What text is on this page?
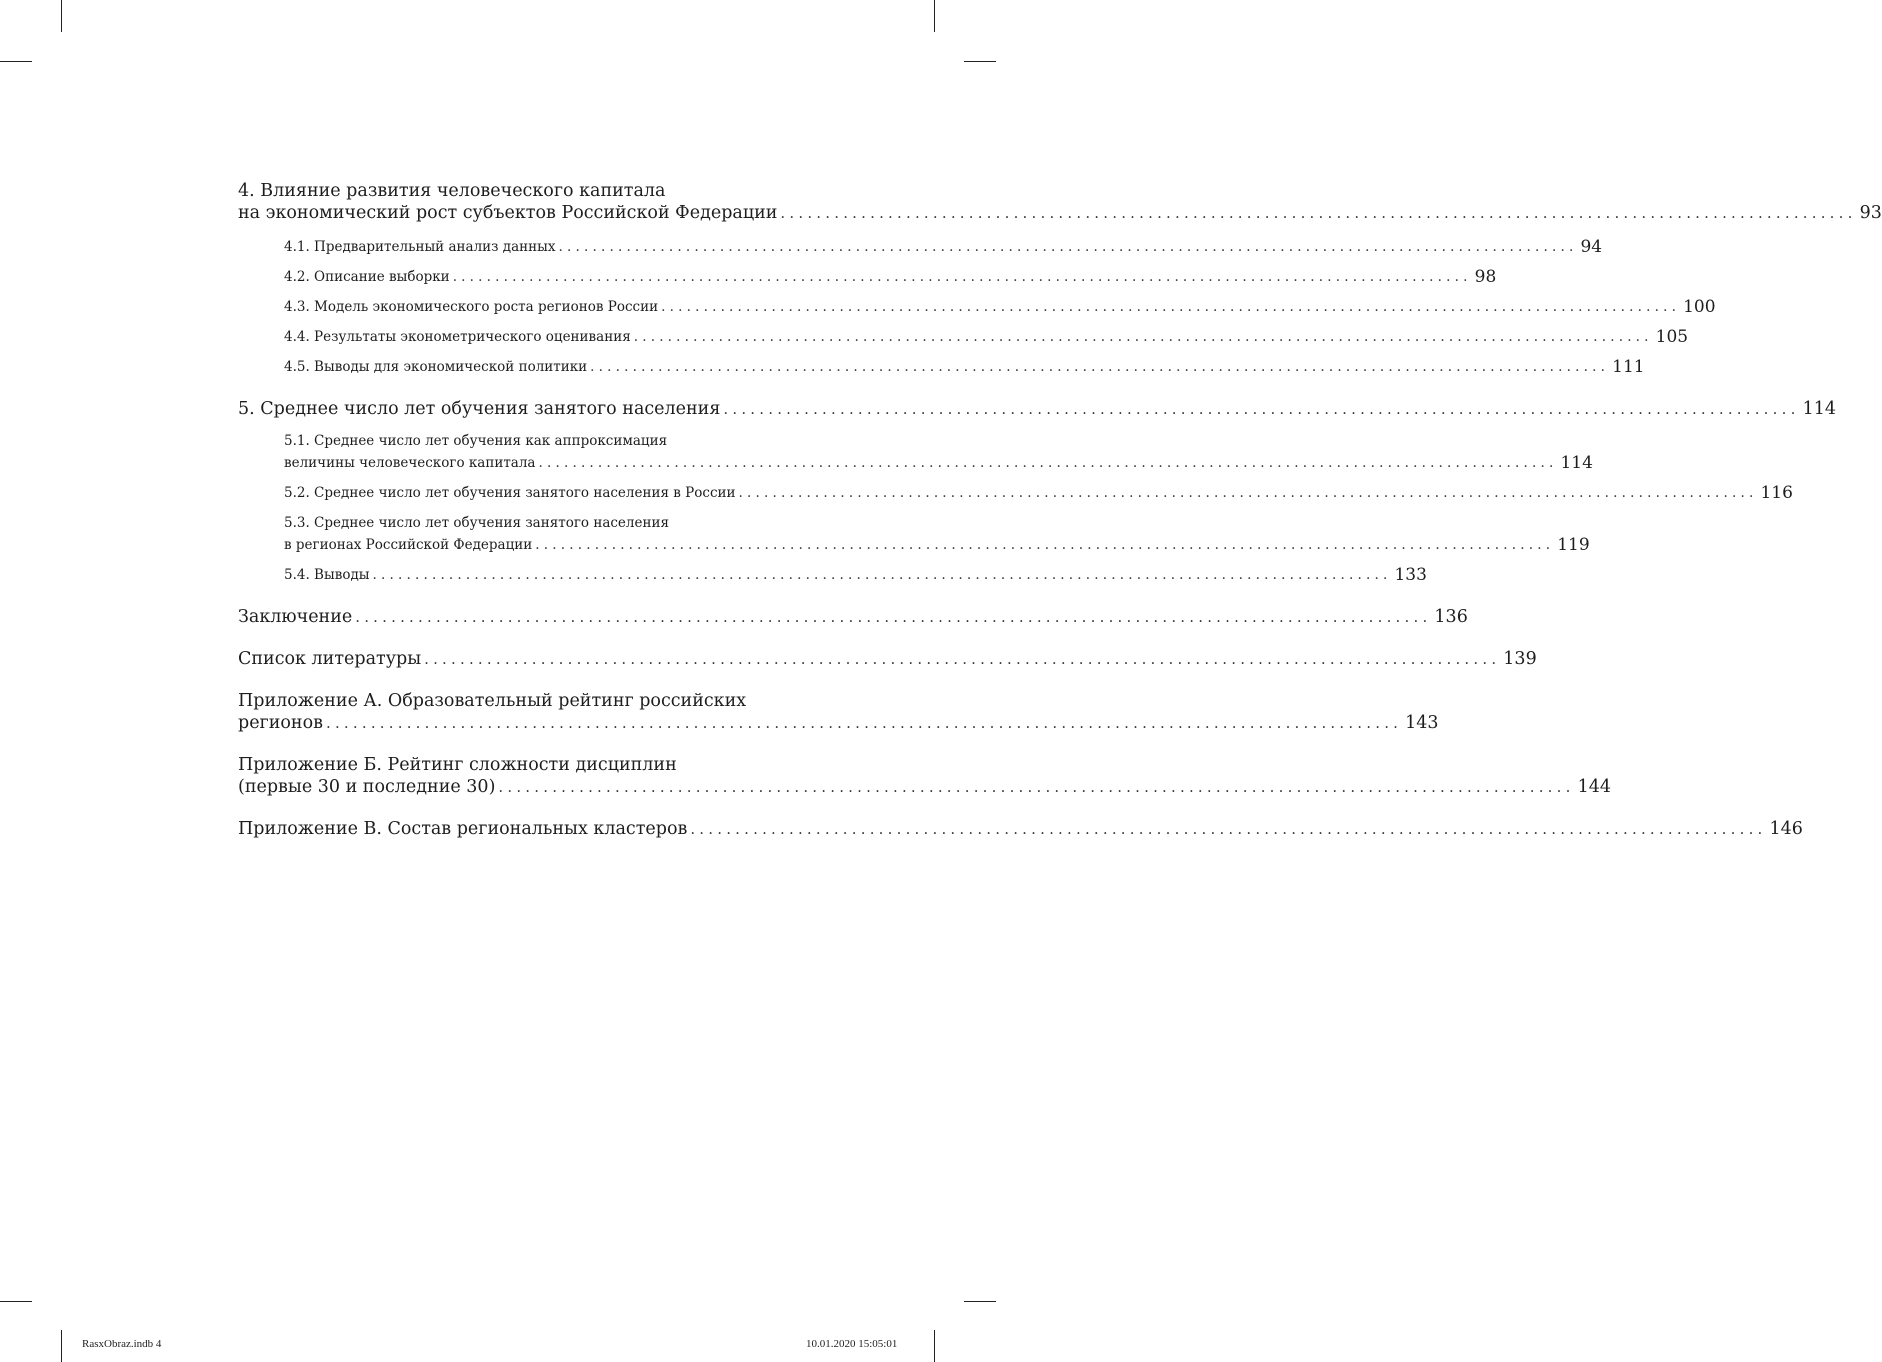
4. Влияние развития человеческого капитала
на экономический рост субъектов Российской Федерации ........................................................................................................................ 93
4.1. Предварительный анализ данных ........................................................................................................................ 94
4.2. Описание выборки ........................................................................................................................ 98
4.3. Модель экономического роста регионов России ........................................................................................................................ 100
4.4. Результаты эконометрического оценивания ........................................................................................................................ 105
4.5. Выводы для экономической политики ........................................................................................................................ 111
5. Среднее число лет обучения занятого населения ........................................................................................................................ 114
5.1. Среднее число лет обучения как аппроксимация
величины человеческого капитала ........................................................................................................................ 114
5.2. Среднее число лет обучения занятого населения в России ........................................................................................................................ 116
5.3. Среднее число лет обучения занятого населения
в регионах Российской Федерации ........................................................................................................................ 119
5.4. Выводы ........................................................................................................................ 133
Заключение ........................................................................................................................ 136
Список литературы ........................................................................................................................ 139
Приложение А. Образовательный рейтинг российских
регионов ........................................................................................................................ 143
Приложение Б. Рейтинг сложности дисциплин
(первые 30 и последние 30) ........................................................................................................................ 144
Приложение В. Состав региональных кластеров ........................................................................................................................ 146
RasxObraz.indb 4	10.01.2020 15:05:01
